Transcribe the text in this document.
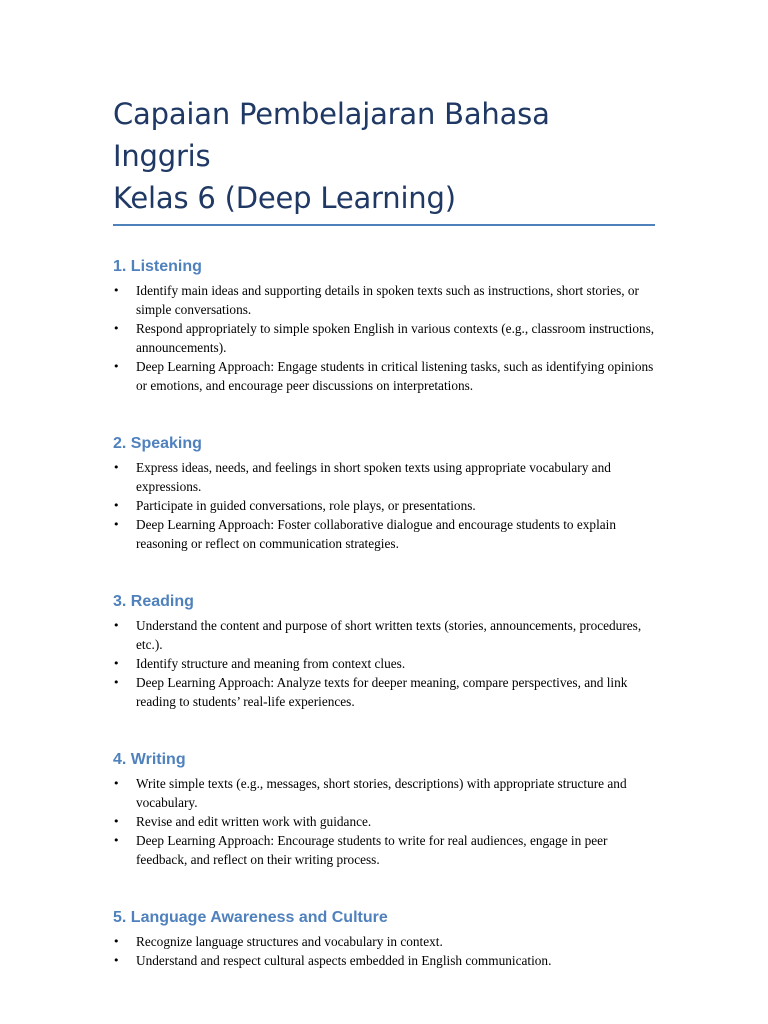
Capaian Pembelajaran Bahasa Inggris
Kelas 6 (Deep Learning)
1. Listening
• Identify main ideas and supporting details in spoken texts such as instructions, short stories, or simple conversations.
• Respond appropriately to simple spoken English in various contexts (e.g., classroom instructions, announcements).
• Deep Learning Approach: Engage students in critical listening tasks, such as identifying opinions or emotions, and encourage peer discussions on interpretations.
2. Speaking
• Express ideas, needs, and feelings in short spoken texts using appropriate vocabulary and expressions.
• Participate in guided conversations, role plays, or presentations.
• Deep Learning Approach: Foster collaborative dialogue and encourage students to explain reasoning or reflect on communication strategies.
3. Reading
• Understand the content and purpose of short written texts (stories, announcements, procedures, etc.).
• Identify structure and meaning from context clues.
• Deep Learning Approach: Analyze texts for deeper meaning, compare perspectives, and link reading to students’ real-life experiences.
4. Writing
• Write simple texts (e.g., messages, short stories, descriptions) with appropriate structure and vocabulary.
• Revise and edit written work with guidance.
• Deep Learning Approach: Encourage students to write for real audiences, engage in peer feedback, and reflect on their writing process.
5. Language Awareness and Culture
• Recognize language structures and vocabulary in context.
• Understand and respect cultural aspects embedded in English communication.
